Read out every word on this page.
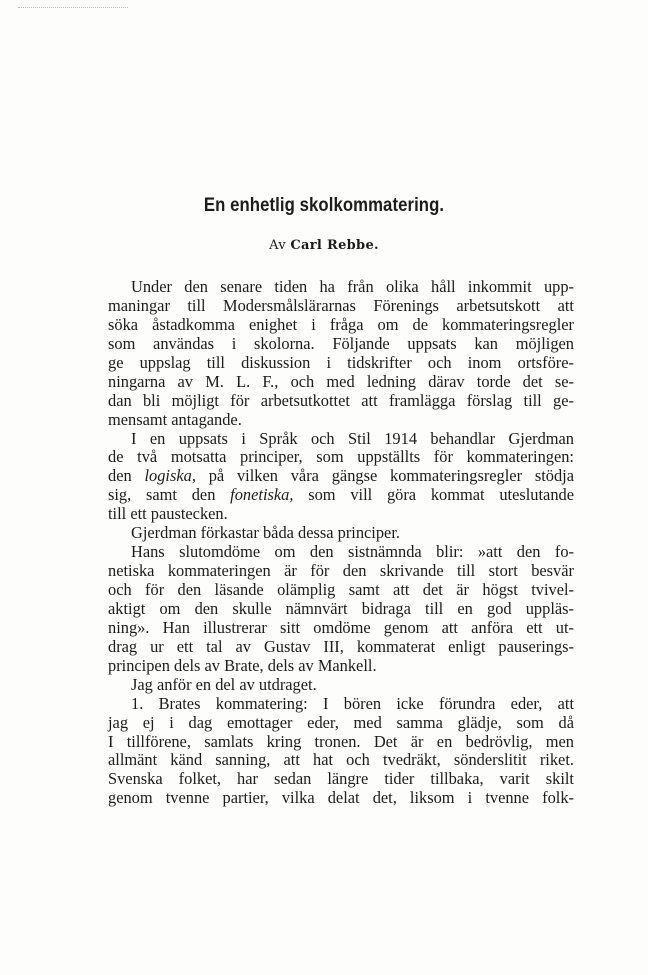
En enhetlig skolkommatering.
Av Carl Rebbe.
Under den senare tiden ha från olika håll inkommit upp-
maningar till Modersmålslärarnas Förenings arbetsutskott att
söka åstadkomma enighet i fråga om de kommateringsregler
som användas i skolorna. Följande uppsats kan möjligen
ge uppslag till diskussion i tidskrifter och inom ortsföre-
ningarna av M. L. F., och med ledning därav torde det se-
dan bli möjligt för arbetsutkottet att framlägga förslag till ge-
mensamt antagande.
I en uppsats i Språk och Stil 1914 behandlar Gjerdman
de två motsatta principer, som uppställts för kommateringen:
den logiska, på vilken våra gängse kommateringsregler stödja
sig, samt den fonetiska, som vill göra kommat uteslutande
till ett paustecken.
Gjerdman förkastar båda dessa principer.
Hans slutomdöme om den sistnämnda blir: »att den fo-
netiska kommateringen är för den skrivande till stort besvär
och för den läsande olämplig samt att det är högst tvivel-
aktigt om den skulle nämnvärt bidraga till en god uppläs-
ning». Han illustrerar sitt omdöme genom att anföra ett ut-
drag ur ett tal av Gustav III, kommaterat enligt pauserings-
principen dels av Brate, dels av Mankell.
Jag anför en del av utdraget.
1. Brates kommatering: I bören icke förundra eder, att
jag ej i dag emottager eder, med samma glädje, som då
I tillförene, samlats kring tronen. Det är en bedrövlig, men
allmänt känd sanning, att hat och tvedräkt, sönderslitit riket.
Svenska folket, har sedan längre tider tillbaka, varit skilt
genom tvenne partier, vilka delat det, liksom i tvenne folk-
